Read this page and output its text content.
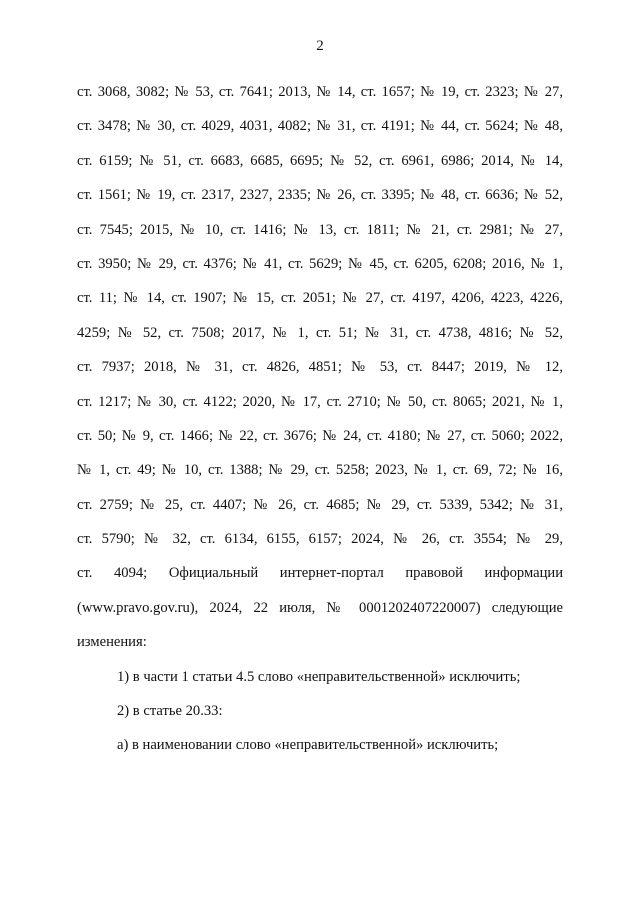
2
ст. 3068, 3082; № 53, ст. 7641; 2013, № 14, ст. 1657; № 19, ст. 2323; № 27,
ст. 3478; № 30, ст. 4029, 4031, 4082; № 31, ст. 4191; № 44, ст. 5624; № 48,
ст. 6159; № 51, ст. 6683, 6685, 6695; № 52, ст. 6961, 6986; 2014, № 14,
ст. 1561; № 19, ст. 2317, 2327, 2335; № 26, ст. 3395; № 48, ст. 6636; № 52,
ст. 7545; 2015, № 10, ст. 1416; № 13, ст. 1811; № 21, ст. 2981; № 27,
ст. 3950; № 29, ст. 4376; № 41, ст. 5629; № 45, ст. 6205, 6208; 2016, № 1,
ст. 11; № 14, ст. 1907; № 15, ст. 2051; № 27, ст. 4197, 4206, 4223, 4226,
4259; № 52, ст. 7508; 2017, № 1, ст. 51; № 31, ст. 4738, 4816; № 52,
ст. 7937; 2018, № 31, ст. 4826, 4851; № 53, ст. 8447; 2019, № 12,
ст. 1217; № 30, ст. 4122; 2020, № 17, ст. 2710; № 50, ст. 8065; 2021, № 1,
ст. 50; № 9, ст. 1466; № 22, ст. 3676; № 24, ст. 4180; № 27, ст. 5060; 2022,
№ 1, ст. 49; № 10, ст. 1388; № 29, ст. 5258; 2023, № 1, ст. 69, 72; № 16,
ст. 2759; № 25, ст. 4407; № 26, ст. 4685; № 29, ст. 5339, 5342; № 31,
ст. 5790; № 32, ст. 6134, 6155, 6157; 2024, № 26, ст. 3554; № 29,
ст. 4094; Официальный интернет-портал правовой информации
(www.pravo.gov.ru), 2024, 22 июля, № 0001202407220007) следующие
изменения:
1) в части 1 статьи 4.5 слово «неправительственной» исключить;
2) в статье 20.33:
а) в наименовании слово «неправительственной» исключить;
